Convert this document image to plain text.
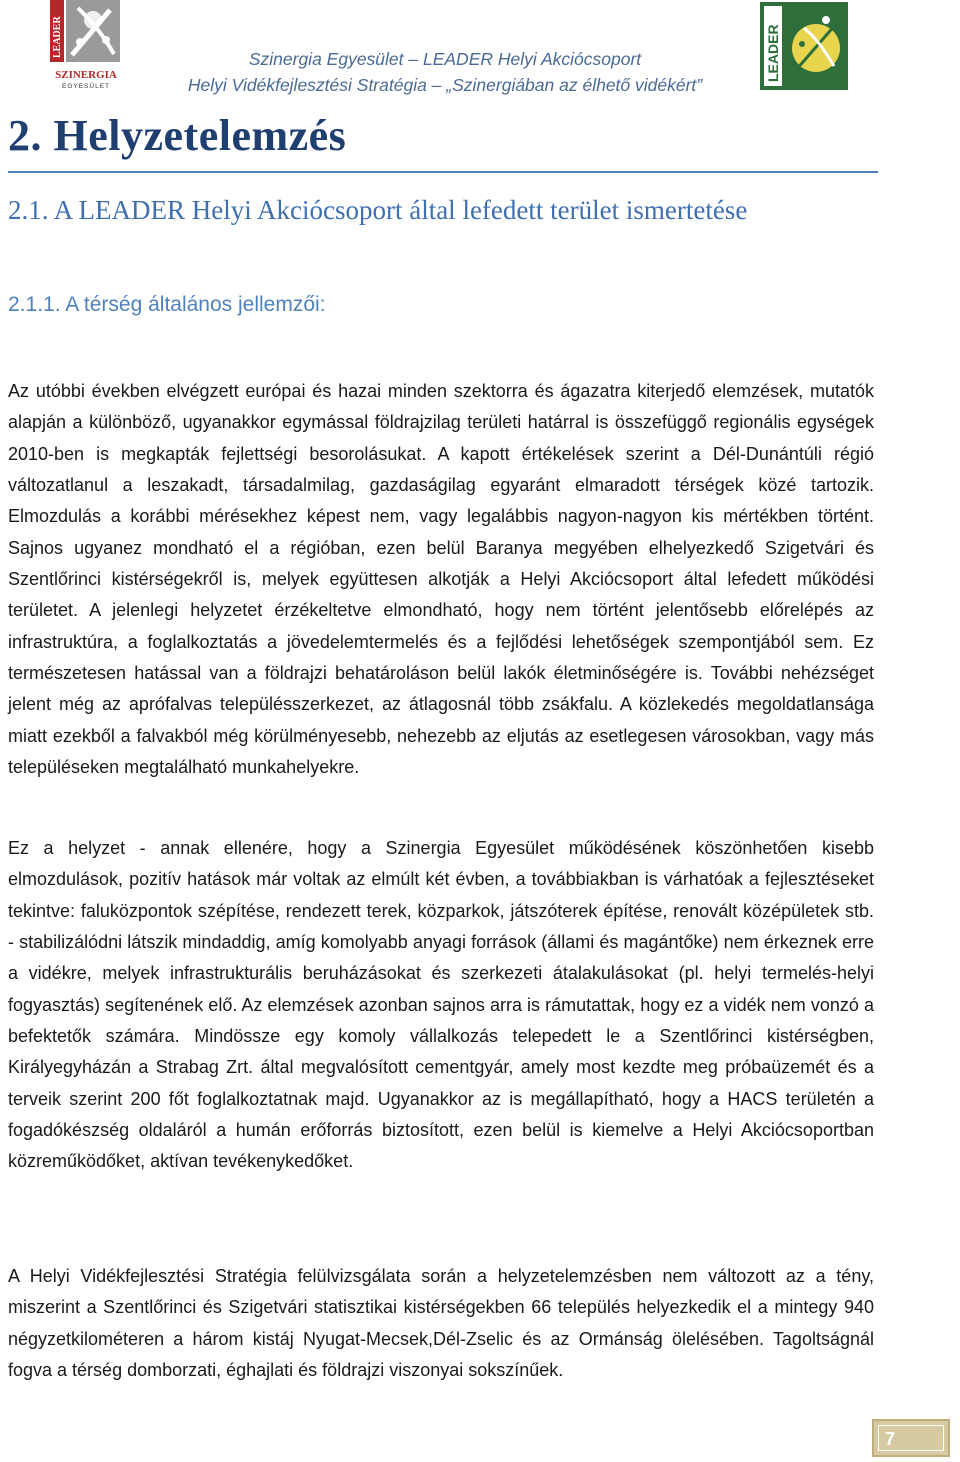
LEADER
SZINERGIA
EGYESÜLET
Szinergia Egyesület – LEADER Helyi Akciócsoport
Helyi Vidékfejlesztési Stratégia – „Szinergiában az élhető vidékért”
LEADER
2. Helyzetelemzés
2.1. A LEADER Helyi Akciócsoport által lefedett terület ismertetése
2.1.1. A térség általános jellemzői:

Az utóbbi években elvégzett európai és hazai minden szektorra és ágazatra kiterjedő elemzések, mutatók alapján a különböző, ugyanakkor egymással földrajzilag területi határral is összefüggő regionális egységek 2010-ben is megkapták fejlettségi besorolásukat. A kapott értékelések szerint a Dél-Dunántúli régió változatlanul a leszakadt, társadalmilag, gazdaságilag egyaránt elmaradott térségek közé tartozik. Elmozdulás a korábbi mérésekhez képest nem, vagy legalábbis nagyon-nagyon kis mértékben történt. Sajnos ugyanez mondható el a régióban, ezen belül Baranya megyében elhelyezkedő Szigetvári és Szentlőrinci kistérségekről is, melyek együttesen alkotják a Helyi Akciócsoport által lefedett működési területet. A jelenlegi helyzetet érzékeltetve elmondható, hogy nem történt jelentősebb előrelépés az infrastruktúra, a foglalkoztatás a jövedelemtermelés és a fejlődési lehetőségek szempontjából sem. Ez természetesen hatással van a földrajzi behatároláson belül lakók életminőségére is. További nehézséget jelent még az aprófalvas településszerkezet, az átlagosnál több zsákfalu. A közlekedés megoldatlansága miatt ezekből a falvakból még körülményesebb, nehezebb az eljutás az esetlegesen városokban, vagy más településeken megtalálható munkahelyekre.

Ez a helyzet - annak ellenére, hogy a Szinergia Egyesület működésének köszönhetően kisebb elmozdulások, pozitív hatások már voltak az elmúlt két évben, a továbbiakban is várhatóak a fejlesztéseket tekintve: faluközpontok szépítése, rendezett terek, közparkok, játszóterek építése, renovált középületek stb. - stabilizálódni látszik mindaddig, amíg komolyabb anyagi források (állami és magántőke) nem érkeznek erre a vidékre, melyek infrastrukturális beruházásokat és szerkezeti átalakulásokat (pl. helyi termelés-helyi fogyasztás) segítenének elő. Az elemzések azonban sajnos arra is rámutattak, hogy ez a vidék nem vonzó a befektetők számára. Mindössze egy komoly vállalkozás telepedett le a Szentlőrinci kistérségben, Királyegyházán a Strabag Zrt. által megvalósított cementgyár, amely most kezdte meg próbaüzemét és a terveik szerint 200 főt foglalkoztatnak majd. Ugyanakkor az is megállapítható, hogy a HACS területén a fogadókészség oldaláról a humán erőforrás biztosított, ezen belül is kiemelve a Helyi Akciócsoportban közreműködőket, aktívan tevékenykedőket.

A Helyi Vidékfejlesztési Stratégia felülvizsgálata során a helyzetelemzésben nem változott az a tény, miszerint a Szentlőrinci és Szigetvári statisztikai kistérségekben 66 település helyezkedik el a mintegy 940 négyzetkilométeren a három kistáj Nyugat-Mecsek,Dél-Zselic és az Ormánság ölelésében. Tagoltságnál fogva a térség domborzati, éghajlati és földrajzi viszonyai sokszínűek.

7
